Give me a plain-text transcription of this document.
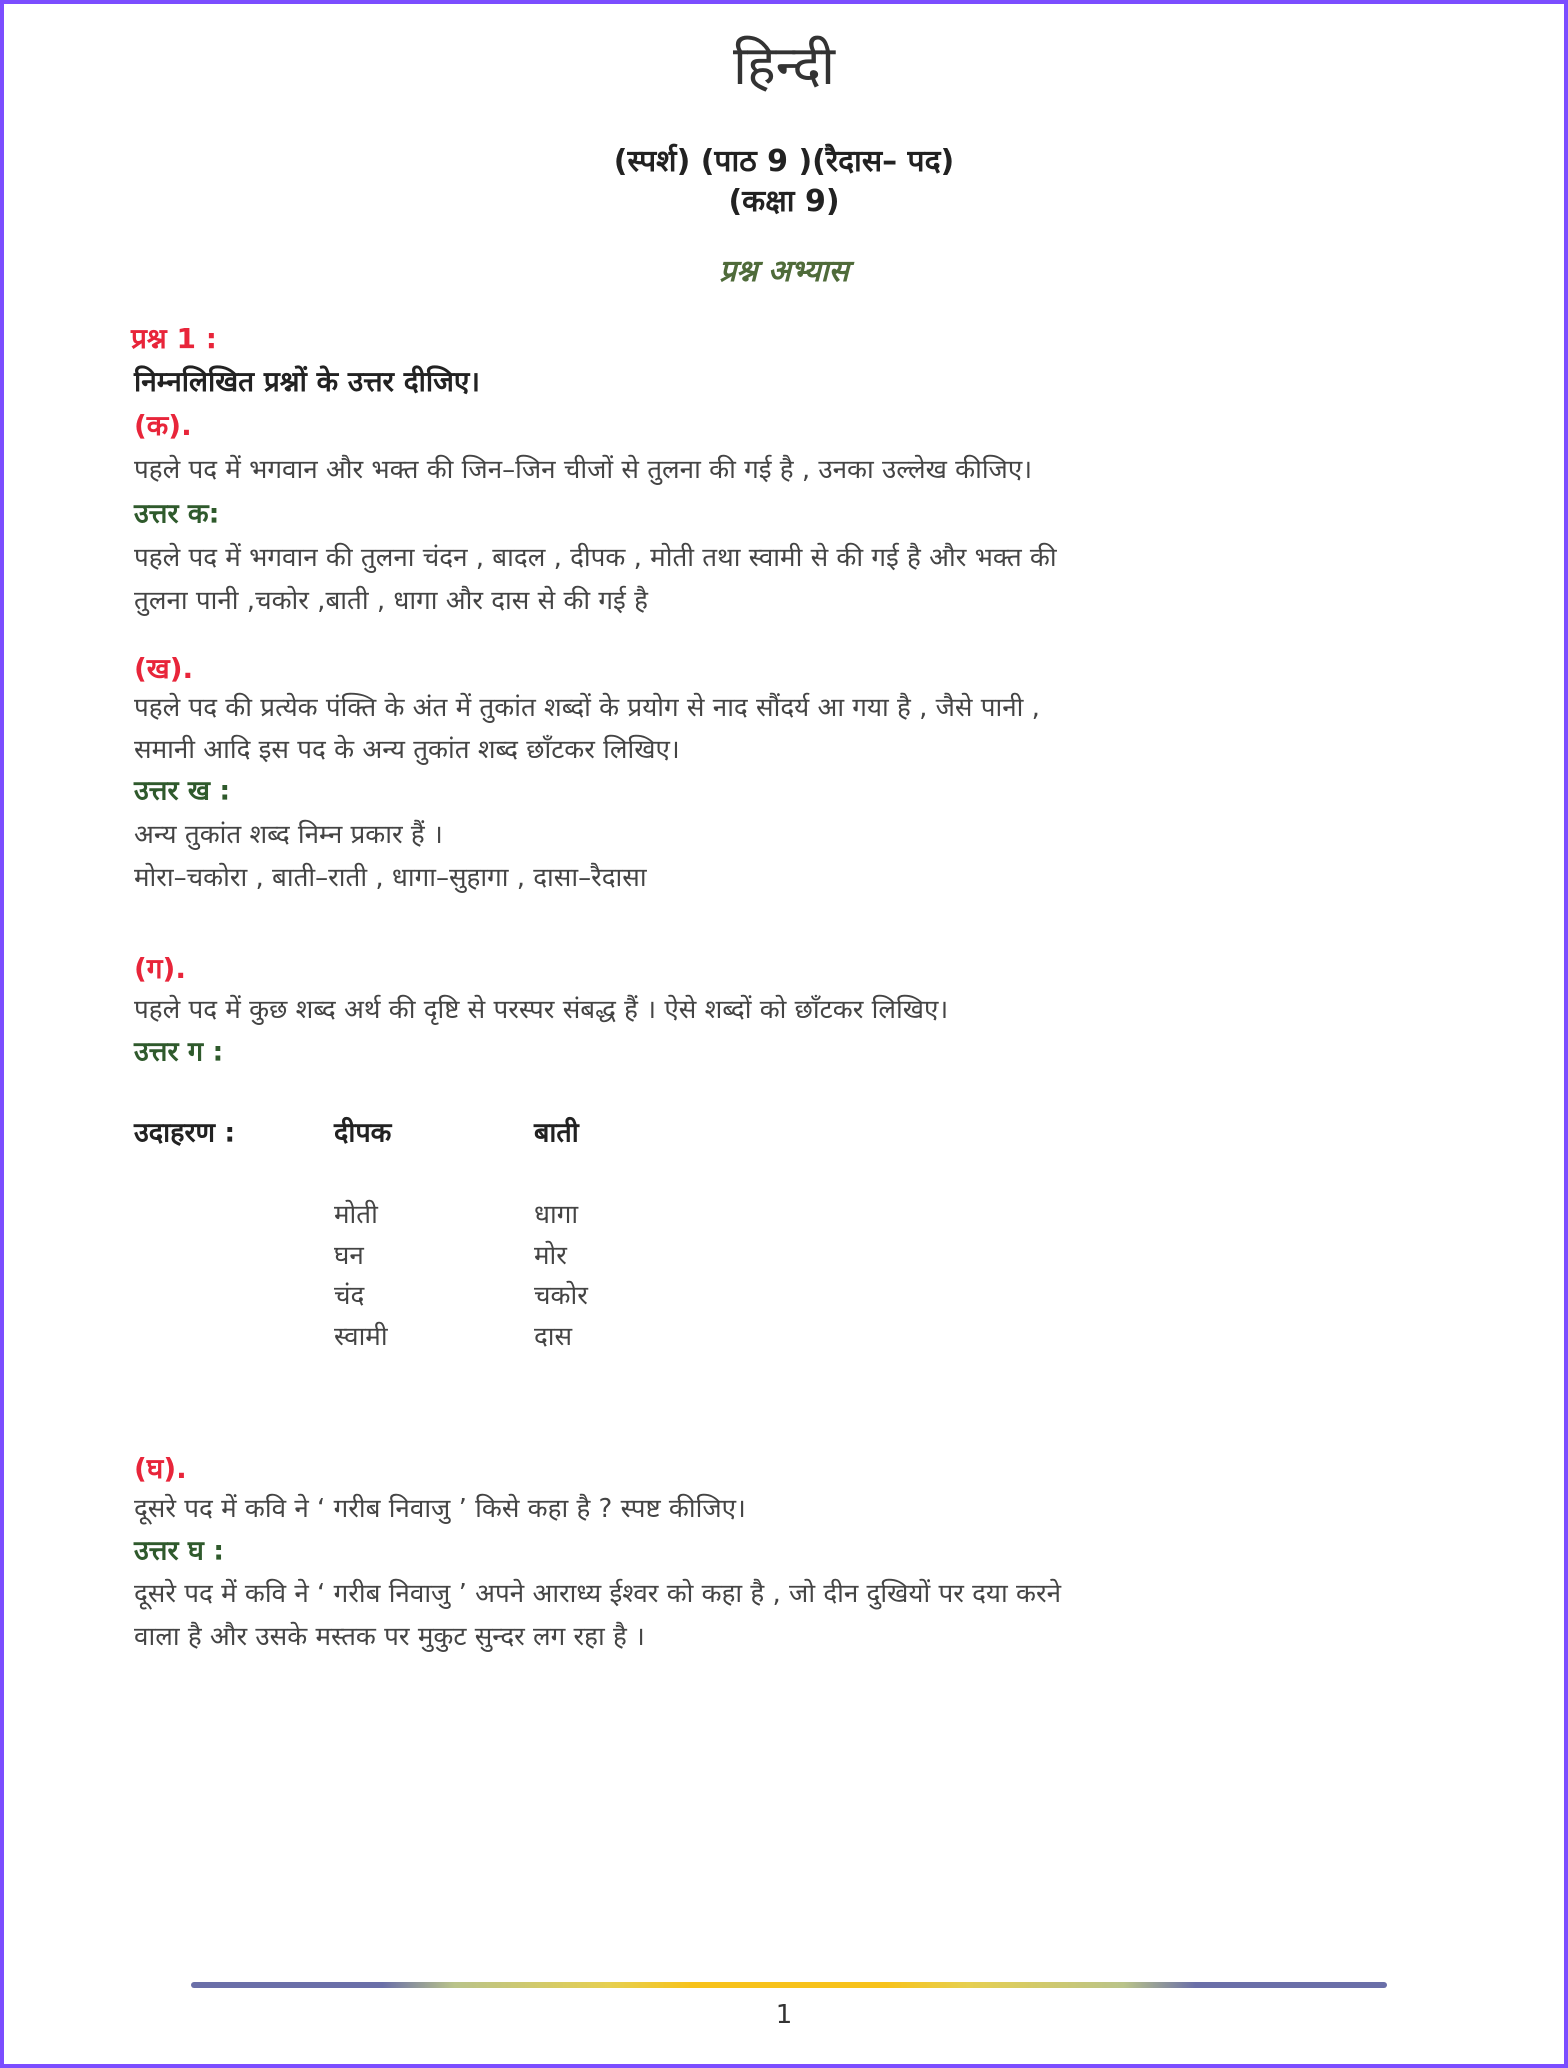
हिन्दी
(स्पर्श) (पाठ 9 )(रैदास– पद)
(कक्षा 9)
प्रश्न अभ्यास
प्रश्न 1 :
निम्नलिखित प्रश्नों के उत्तर दीजिए।
(क).
पहले पद में भगवान और भक्त की जिन–जिन चीजों से तुलना की गई है , उनका उल्लेख कीजिए।
उत्तर क:
पहले पद में भगवान की तुलना चंदन , बादल , दीपक , मोती तथा स्वामी से की गई है और भक्त की
तुलना पानी ,चकोर ,बाती , धागा और दास से की गई है
(ख).
पहले पद की प्रत्येक पंक्ति के अंत में तुकांत शब्दों के प्रयोग से नाद सौंदर्य आ गया है , जैसे पानी ,
समानी आदि इस पद के अन्य तुकांत शब्द छाँटकर लिखिए।
उत्तर ख :
अन्य तुकांत शब्द निम्न प्रकार हैं ।
मोरा–चकोरा , बाती–राती , धागा–सुहागा , दासा–रैदासा
(ग).
पहले पद में कुछ शब्द अर्थ की दृष्टि से परस्पर संबद्ध हैं । ऐसे शब्दों को छाँटकर लिखिए।
उत्तर ग :
उदाहरण :	दीपक	बाती
मोती	धागा
घन	मोर
चंद	चकोर
स्वामी	दास
(घ).
दूसरे पद में कवि ने ‘ गरीब निवाजु ’ किसे कहा है ? स्पष्ट कीजिए।
उत्तर घ :
दूसरे पद में कवि ने ‘ गरीब निवाजु ’ अपने आराध्य ईश्वर को कहा है , जो दीन दुखियों पर दया करने
वाला है और उसके मस्तक पर मुकुट सुन्दर लग रहा है ।
1
